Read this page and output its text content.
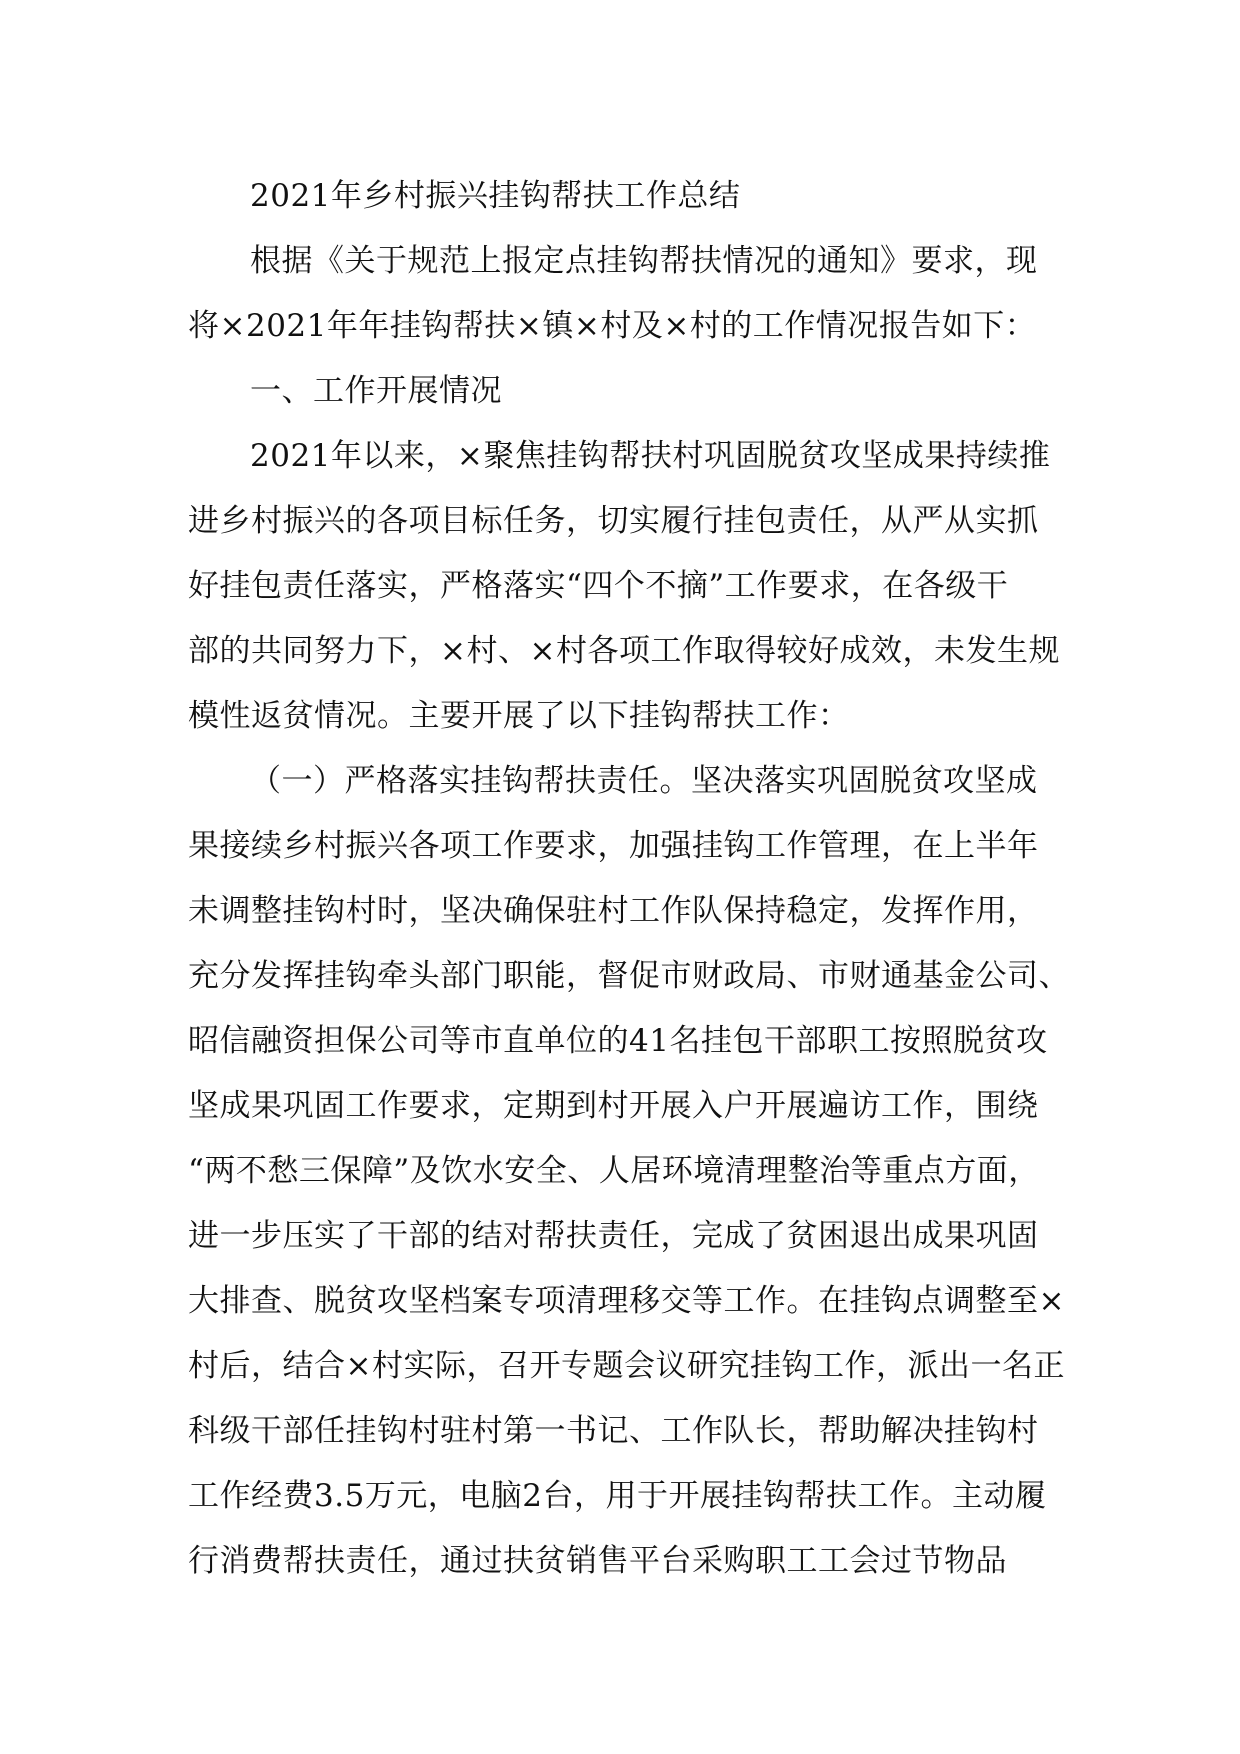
2021年乡村振兴挂钩帮扶工作总结

根据《关于规范上报定点挂钩帮扶情况的通知》要求，现

将×2021年年挂钩帮扶×镇×村及×村的工作情况报告如下：

一、工作开展情况

2021年以来，×聚焦挂钩帮扶村巩固脱贫攻坚成果持续推

进乡村振兴的各项目标任务，切实履行挂包责任，从严从实抓

好挂包责任落实，严格落实“四个不摘”工作要求，在各级干

部的共同努力下，×村、×村各项工作取得较好成效，未发生规

模性返贫情况。主要开展了以下挂钩帮扶工作：

（一）严格落实挂钩帮扶责任。坚决落实巩固脱贫攻坚成

果接续乡村振兴各项工作要求，加强挂钩工作管理，在上半年

未调整挂钩村时，坚决确保驻村工作队保持稳定，发挥作用，

充分发挥挂钩牵头部门职能，督促市财政局、市财通基金公司、

昭信融资担保公司等市直单位的41名挂包干部职工按照脱贫攻

坚成果巩固工作要求，定期到村开展入户开展遍访工作，围绕

“两不愁三保障”及饮水安全、人居环境清理整治等重点方面，

进一步压实了干部的结对帮扶责任，完成了贫困退出成果巩固

大排查、脱贫攻坚档案专项清理移交等工作。在挂钩点调整至×

村后，结合×村实际，召开专题会议研究挂钩工作，派出一名正

科级干部任挂钩村驻村第一书记、工作队长，帮助解决挂钩村

工作经费3.5万元，电脑2台，用于开展挂钩帮扶工作。主动履

行消费帮扶责任，通过扶贫销售平台采购职工工会过节物品
